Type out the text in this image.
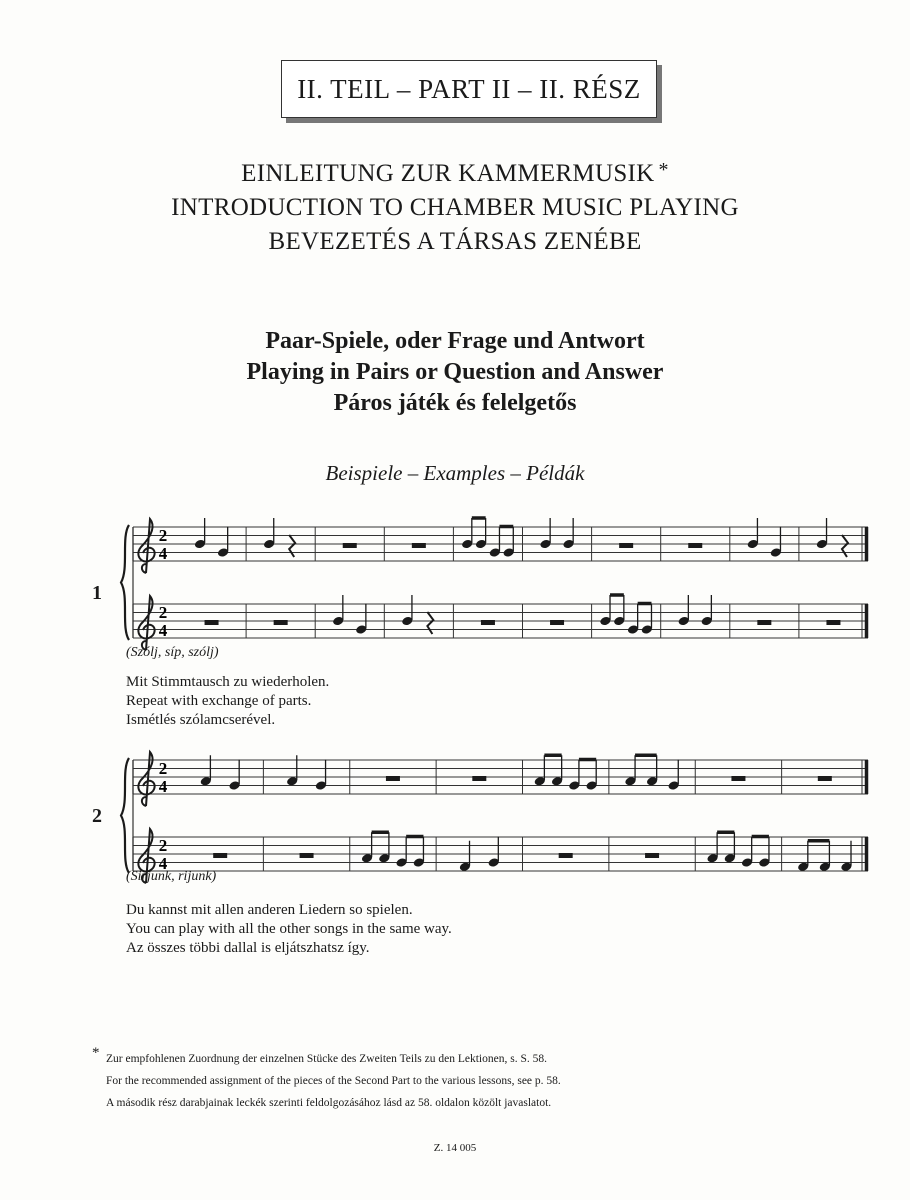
II. TEIL – PART II – II. RÉSZ
EINLEITUNG ZUR KAMMERMUSIK *
INTRODUCTION TO CHAMBER MUSIC PLAYING
BEVEZETÉS A TÁRSAS ZENÉBE
Paar-Spiele, oder Frage und Antwort
Playing in Pairs or Question and Answer
Páros játék és felelgetős
Beispiele – Examples – Példák
2
4
2
4
2
4
2
4
1
(Szólj, síp, szólj)
Mit Stimmtausch zu wiederholen.
Repeat with exchange of parts.
Ismétlés szólamcserével.
2
(Sirjunk, rijunk)
Du kannst mit allen anderen Liedern so spielen.
You can play with all the other songs in the same way.
Az összes többi dallal is eljátszhatsz így.
* Zur empfohlenen Zuordnung der einzelnen Stücke des Zweiten Teils zu den Lektionen, s. S. 58.
For the recommended assignment of the pieces of the Second Part to the various lessons, see p. 58.
A második rész darabjainak leckék szerinti feldolgozásához lásd az 58. oldalon közölt javaslatot.
Z. 14 005
